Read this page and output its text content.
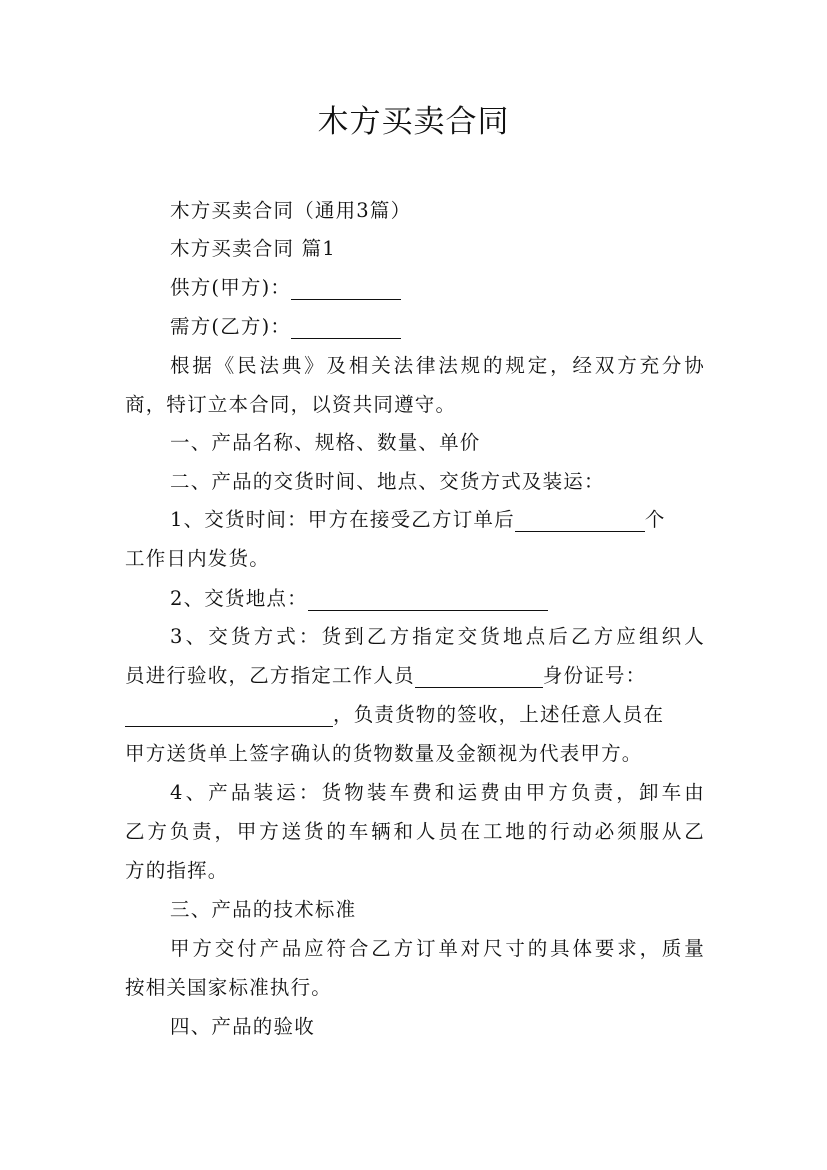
木方买卖合同
木方买卖合同（通用3篇）
木方买卖合同 篇1
供方(甲方)：
需方(乙方)：
根据《民法典》及相关法律法规的规定，经双方充分协
商，特订立本合同，以资共同遵守。
一、产品名称、规格、数量、单价
二、产品的交货时间、地点、交货方式及装运：
1、交货时间：甲方在接受乙方订单后	个
工作日内发货。
2、交货地点：
3、交货方式：货到乙方指定交货地点后乙方应组织人
员进行验收，乙方指定工作人员	身份证号：
，负责货物的签收，上述任意人员在
甲方送货单上签字确认的货物数量及金额视为代表甲方。
4、产品装运：货物装车费和运费由甲方负责，卸车由
乙方负责，甲方送货的车辆和人员在工地的行动必须服从乙
方的指挥。
三、产品的技术标准
甲方交付产品应符合乙方订单对尺寸的具体要求，质量
按相关国家标准执行。
四、产品的验收
